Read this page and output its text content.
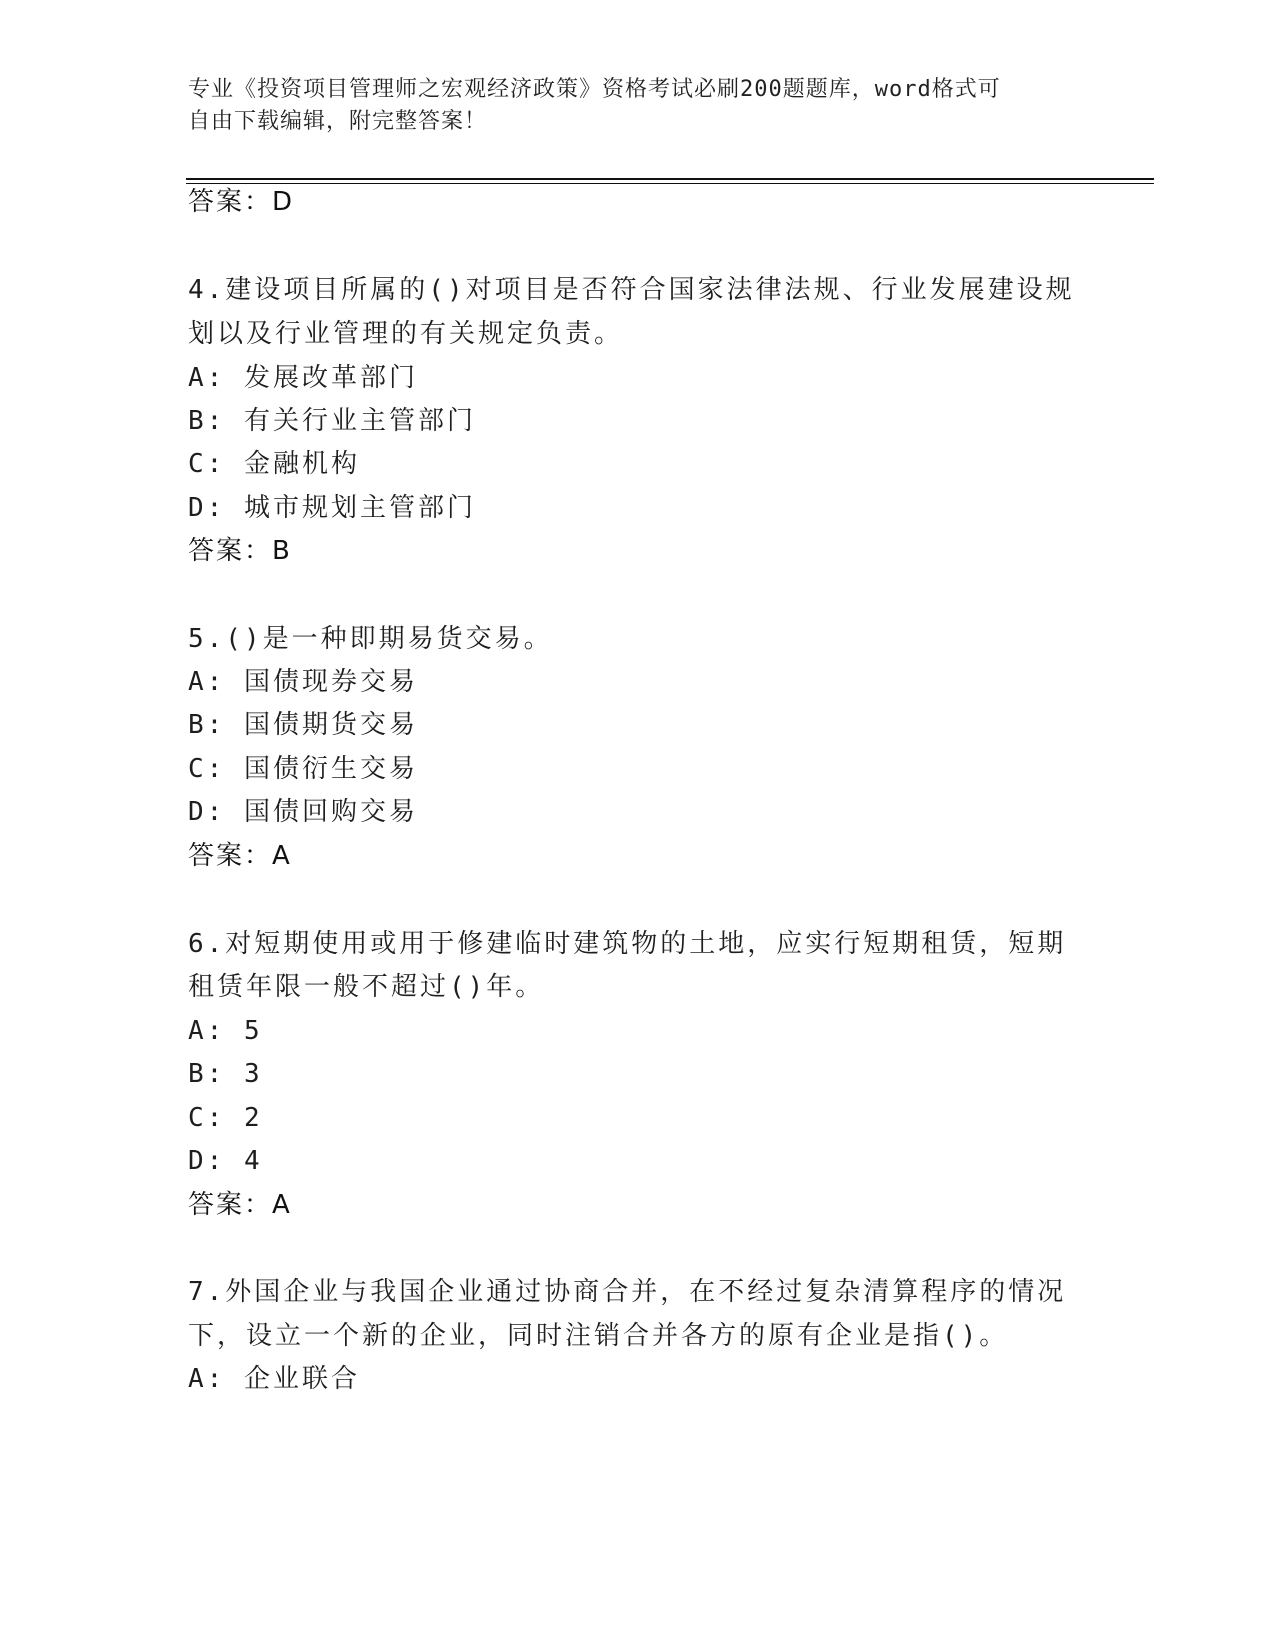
专业《投资项目管理师之宏观经济政策》资格考试必刷200题题库，word格式可
自由下载编辑，附完整答案！
答案：D
4.建设项目所属的()对项目是否符合国家法律法规、行业发展建设规
划以及行业管理的有关规定负责。
A: 发展改革部门
B: 有关行业主管部门
C: 金融机构
D: 城市规划主管部门
答案：B
5.()是一种即期易货交易。
A: 国债现券交易
B: 国债期货交易
C: 国债衍生交易
D: 国债回购交易
答案：A
6.对短期使用或用于修建临时建筑物的土地，应实行短期租赁，短期
租赁年限一般不超过()年。
A: 5
B: 3
C: 2
D: 4
答案：A
7.外国企业与我国企业通过协商合并，在不经过复杂清算程序的情况
下，设立一个新的企业，同时注销合并各方的原有企业是指()。
A: 企业联合
